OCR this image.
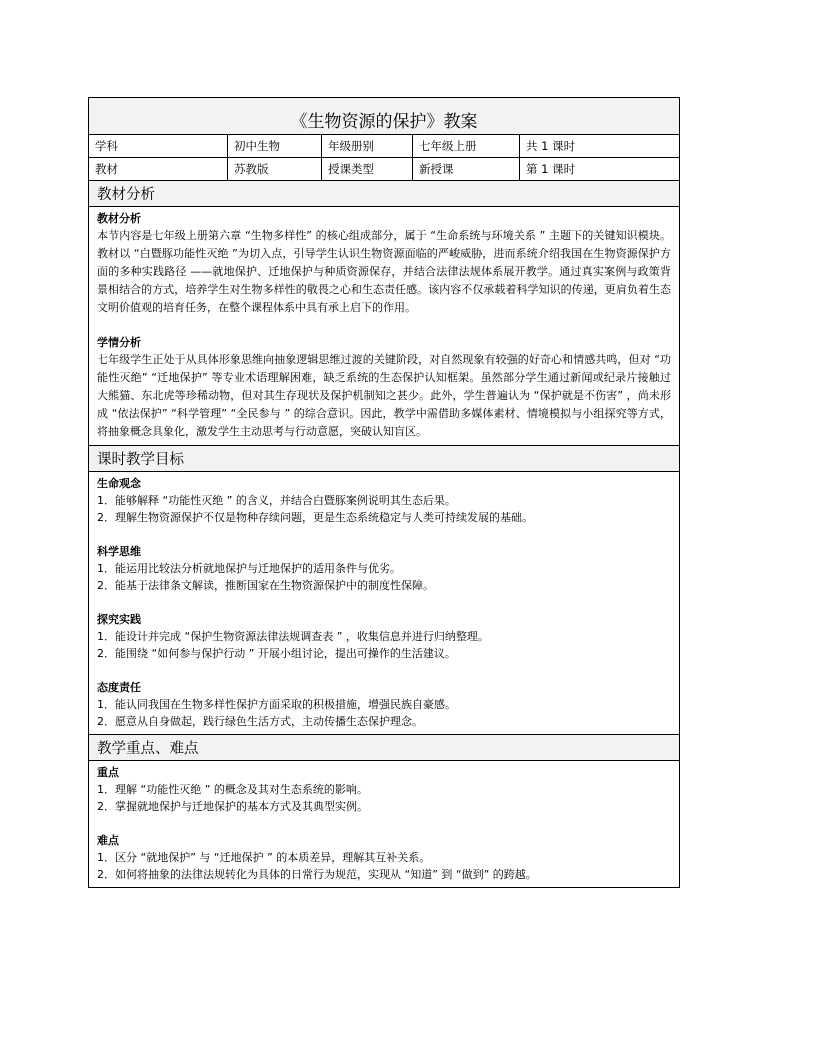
《生物资源的保护》教案
学科	初中生物	年级册别	七年级上册	共 1 课时
教材	苏教版	授课类型	新授课	第 1 课时
教材分析
教材分析
本节内容是七年级上册第六章 “生物多样性” 的核心组成部分，属于 “生命系统与环境关系 ” 主题下的关键知识模块。教材以 “白暨豚功能性灭绝 ”为切入点，引导学生认识生物资源面临的严峻威胁，进而系统介绍我国在生物资源保护方面的多种实践路径 ——就地保护、迁地保护与种质资源保存，并结合法律法规体系展开教学。通过真实案例与政策背景相结合的方式，培养学生对生物多样性的敬畏之心和生态责任感。该内容不仅承载着科学知识的传递，更肩负着生态文明价值观的培育任务，在整个课程体系中具有承上启下的作用。
学情分析
七年级学生正处于从具体形象思维向抽象逻辑思维过渡的关键阶段，对自然现象有较强的好奇心和情感共鸣，但对 “功能性灭绝” “迁地保护” 等专业术语理解困难，缺乏系统的生态保护认知框架。虽然部分学生通过新闻或纪录片接触过大熊猫、东北虎等珍稀动物，但对其生存现状及保护机制知之甚少。此外，学生普遍认为 “保护就是不伤害” ，尚未形成 “依法保护” “科学管理” “全民参与 ” 的综合意识。因此，教学中需借助多媒体素材、情境模拟与小组探究等方式，将抽象概念具象化，激发学生主动思考与行动意愿，突破认知盲区。
课时教学目标
生命观念
1．能够解释 “功能性灭绝 ” 的含义，并结合白暨豚案例说明其生态后果。
2．理解生物资源保护不仅是物种存续问题，更是生态系统稳定与人类可持续发展的基础。
科学思维
1．能运用比较法分析就地保护与迁地保护的适用条件与优劣。
2．能基于法律条文解读，推断国家在生物资源保护中的制度性保障。
探究实践
1．能设计并完成 “保护生物资源法律法规调查表 ” ，收集信息并进行归纳整理。
2．能围绕 “如何参与保护行动 ” 开展小组讨论，提出可操作的生活建议。
态度责任
1．能认同我国在生物多样性保护方面采取的积极措施，增强民族自豪感。
2．愿意从自身做起，践行绿色生活方式，主动传播生态保护理念。
教学重点、难点
重点
1．理解 “功能性灭绝 ” 的概念及其对生态系统的影响。
2．掌握就地保护与迁地保护的基本方式及其典型实例。
难点
1．区分 “就地保护” 与 “迁地保护 ” 的本质差异，理解其互补关系。
2．如何将抽象的法律法规转化为具体的日常行为规范，实现从 “知道” 到 “做到” 的跨越。
